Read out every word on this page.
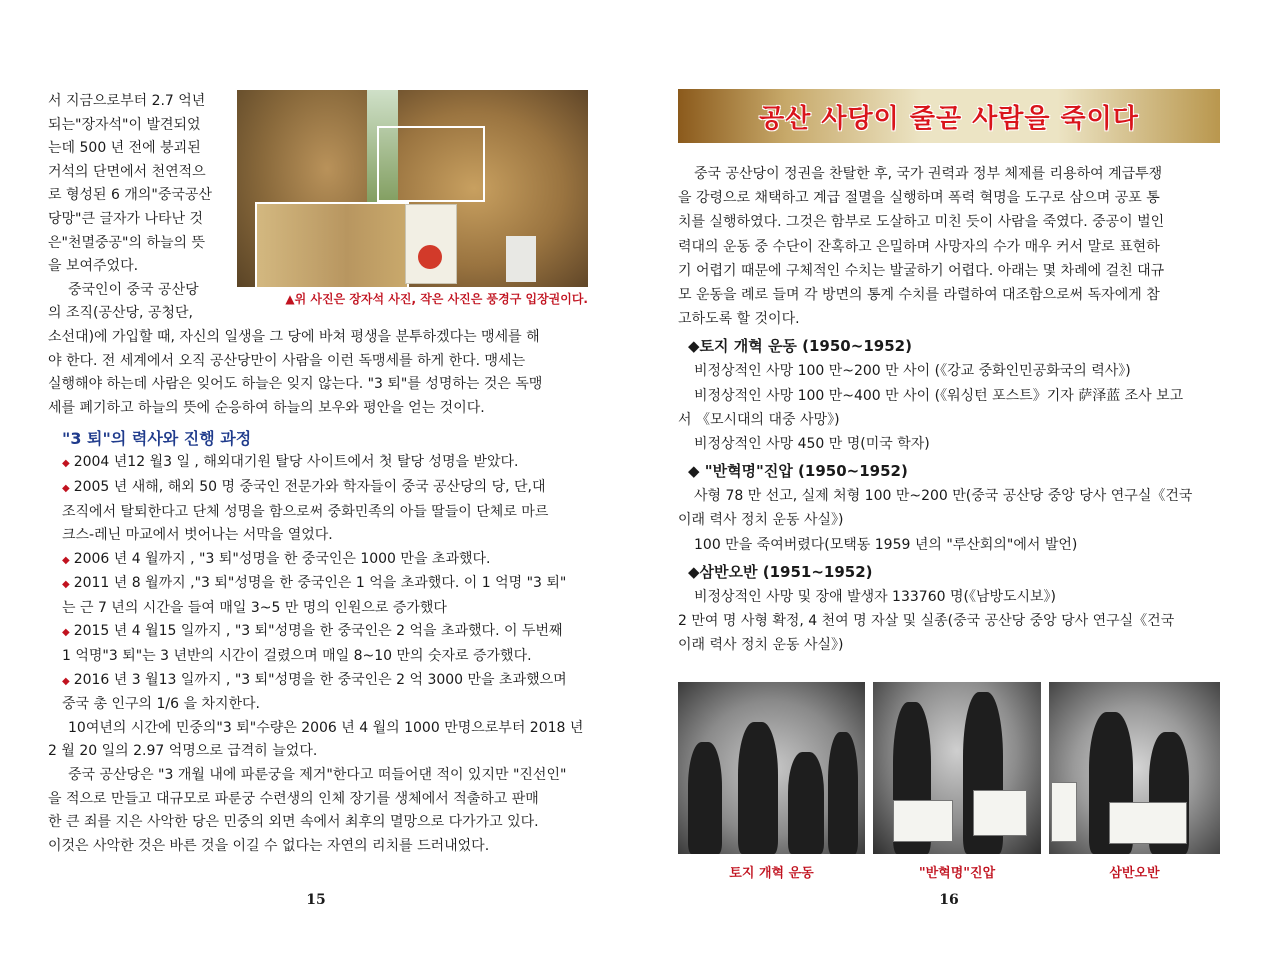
▲위 사진은 장자석 사진, 작은 사진은 풍경구 입장권이다.

서 지금으로부터 2.7 억년

되는"장자석"이 발견되었

는데 500 년 전에 붕괴된

거석의 단면에서 천연적으

로 형성된 6 개의"중국공산

당망"큰 글자가 나타난 것

은"천멸중공"의 하늘의 뜻

을 보여주었다.

중국인이 중국 공산당

의 조직(공산당, 공청단,

소선대)에 가입할 때, 자신의 일생을 그 당에 바쳐 평생을 분투하겠다는 맹세를 해

야 한다. 전 세계에서 오직 공산당만이 사람을 이런 독맹세를 하게 한다. 맹세는

실행해야 하는데 사람은 잊어도 하늘은 잊지 않는다. "3 퇴"를 성명하는 것은 독맹

세를 폐기하고 하늘의 뜻에 순응하여 하늘의 보우와 평안을 얻는 것이다.

"3 퇴"의 력사와 진행 과정

◆ 2004 년12 월3 일 , 해외대기원 탈당 사이트에서 첫 탈당 성명을 받았다.

◆ 2005 년 새해, 해외 50 명 중국인 전문가와 학자들이 중국 공산당의 당, 단,대

조직에서 탈퇴한다고 단체 성명을 함으로써 중화민족의 아들 딸들이 단체로 마르

크스-레닌 마교에서 벗어나는 서막을 열었다.

◆ 2006 년 4 월까지 , "3 퇴"성명을 한 중국인은 1000 만을 초과했다.

◆ 2011 년 8 월까지 ,"3 퇴"성명을 한 중국인은 1 억을 초과했다. 이 1 억명 "3 퇴"

는 근 7 년의 시간을 들여 매일 3~5 만 명의 인원으로 증가했다

◆ 2015 년 4 월15 일까지 , "3 퇴"성명을 한 중국인은 2 억을 초과했다. 이 두번째

1 억명"3 퇴"는 3 년반의 시간이 걸렸으며 매일 8~10 만의 숫자로 증가했다.

◆ 2016 년 3 월13 일까지 , "3 퇴"성명을 한 중국인은 2 억 3000 만을 초과했으며

중국 총 인구의 1/6 을 차지한다.

10여년의 시간에 민중의"3 퇴"수량은 2006 년 4 월의 1000 만명으로부터 2018 년

2 월 20 일의 2.97 억명으로 급격히 늘었다.

중국 공산당은 "3 개월 내에 파룬궁을 제거"한다고 떠들어댄 적이 있지만 "진선인"

을 적으로 만들고 대규모로 파룬궁 수련생의 인체 장기를 생체에서 적출하고 판매

한 큰 죄를 지은 사악한 당은 민중의 외면 속에서 최후의 멸망으로 다가가고 있다.

이것은 사악한 것은 바른 것을 이길 수 없다는 자연의 리치를 드러내었다.

15
공산 사당이 줄곧 사람을 죽이다

중국 공산당이 정권을 찬탈한 후, 국가 권력과 정부 체제를 리용하여 계급투쟁

을 강령으로 채택하고 계급 절멸을 실행하며 폭력 혁명을 도구로 삼으며 공포 통

치를 실행하였다. 그것은 함부로 도살하고 미친 듯이 사람을 죽였다. 중공이 벌인

력대의 운동 중 수단이 잔혹하고 은밀하며 사망자의 수가 매우 커서 말로 표현하

기 어렵기 때문에 구체적인 수치는 발굴하기 어렵다. 아래는 몇 차례에 걸친 대규

모 운동을 례로 들며 각 방면의 통계 수치를 라렬하여 대조함으로써 독자에게 참

고하도록 할 것이다.

◆토지 개혁 운동 (1950~1952)

비정상적인 사망 100 만~200 만 사이 (《강교 중화인민공화국의 력사》)

비정상적인 사망 100 만~400 만 사이 (《워싱턴 포스트》기자 萨泽蓝 조사 보고

서 《모시대의 대중 사망》)

비정상적인 사망 450 만 명(미국 학자)

◆ "반혁명"진압 (1950~1952)

사형 78 만 선고, 실제 처형 100 만~200 만(중국 공산당 중앙 당사 연구실《건국

이래 력사 정치 운동 사실》)

100 만을 죽여버렸다(모택동 1959 년의 "루산회의"에서 발언)

◆삼반오반 (1951~1952)

비정상적인 사망 및 장애 발생자 133760 명(《남방도시보》)

2 만여 명 사형 확정, 4 천여 명 자살 및 실종(중국 공산당 중앙 당사 연구실《건국

이래 력사 정치 운동 사실》)

토지 개혁 운동	"반혁명"진압	삼반오반
16
